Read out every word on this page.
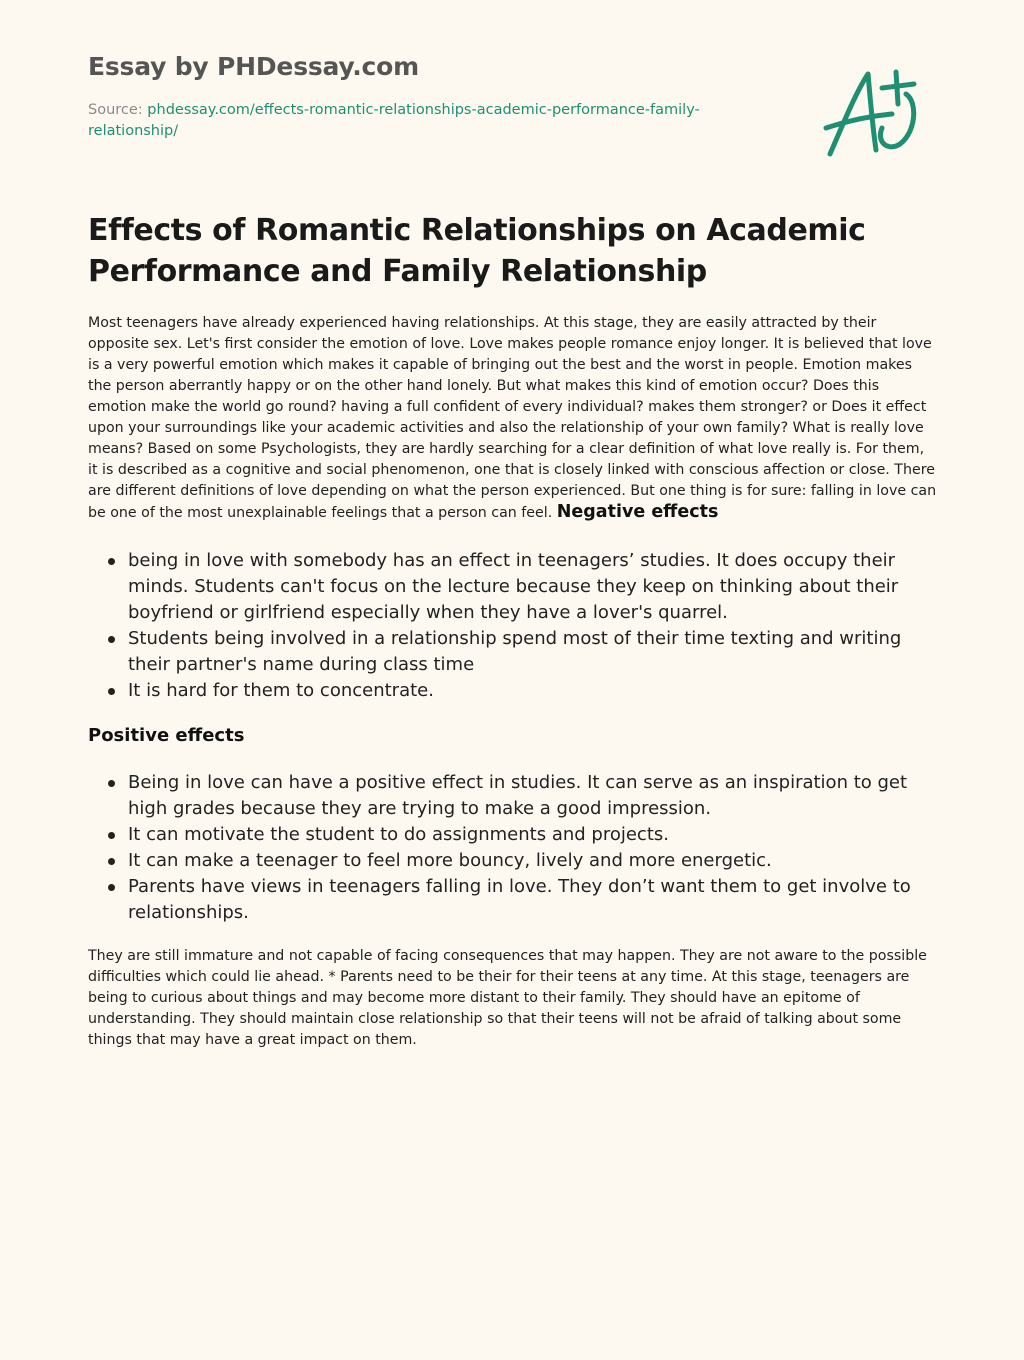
Essay by PHDessay.com
Source: phdessay.com/effects-romantic-relationships-academic-performance-family-relationship/
Effects of Romantic Relationships on Academic Performance and Family Relationship

Most teenagers have already experienced having relationships. At this stage, they are easily attracted by their opposite sex. Let's first consider the emotion of love. Love makes people romance enjoy longer. It is believed that love is a very powerful emotion which makes it capable of bringing out the best and the worst in people. Emotion makes the person aberrantly happy or on the other hand lonely. But what makes this kind of emotion occur? Does this emotion make the world go round? having a full confident of every individual? makes them stronger? or Does it effect upon your surroundings like your academic activities and also the relationship of your own family? What is really love means? Based on some Psychologists, they are hardly searching for a clear definition of what love really is. For them, it is described as a cognitive and social phenomenon, one that is closely linked with conscious affection or close. There are different definitions of love depending on what the person experienced. But one thing is for sure: falling in love can be one of the most unexplainable feelings that a person can feel. Negative effects

being in love with somebody has an effect in teenagers’ studies. It does occupy their minds. Students can't focus on the lecture because they keep on thinking about their boyfriend or girlfriend especially when they have a lover's quarrel.
Students being involved in a relationship spend most of their time texting and writing their partner's name during class time
It is hard for them to concentrate.
Positive effects
Being in love can have a positive effect in studies. It can serve as an inspiration to get high grades because they are trying to make a good impression.
It can motivate the student to do assignments and projects.
It can make a teenager to feel more bouncy, lively and more energetic.
Parents have views in teenagers falling in love. They don’t want them to get involve to relationships.

They are still immature and not capable of facing consequences that may happen. They are not aware to the possible difficulties which could lie ahead. * Parents need to be their for their teens at any time. At this stage, teenagers are being to curious about things and may become more distant to their family. They should have an epitome of understanding. They should maintain close relationship so that their teens will not be afraid of talking about some things that may have a great impact on them.
